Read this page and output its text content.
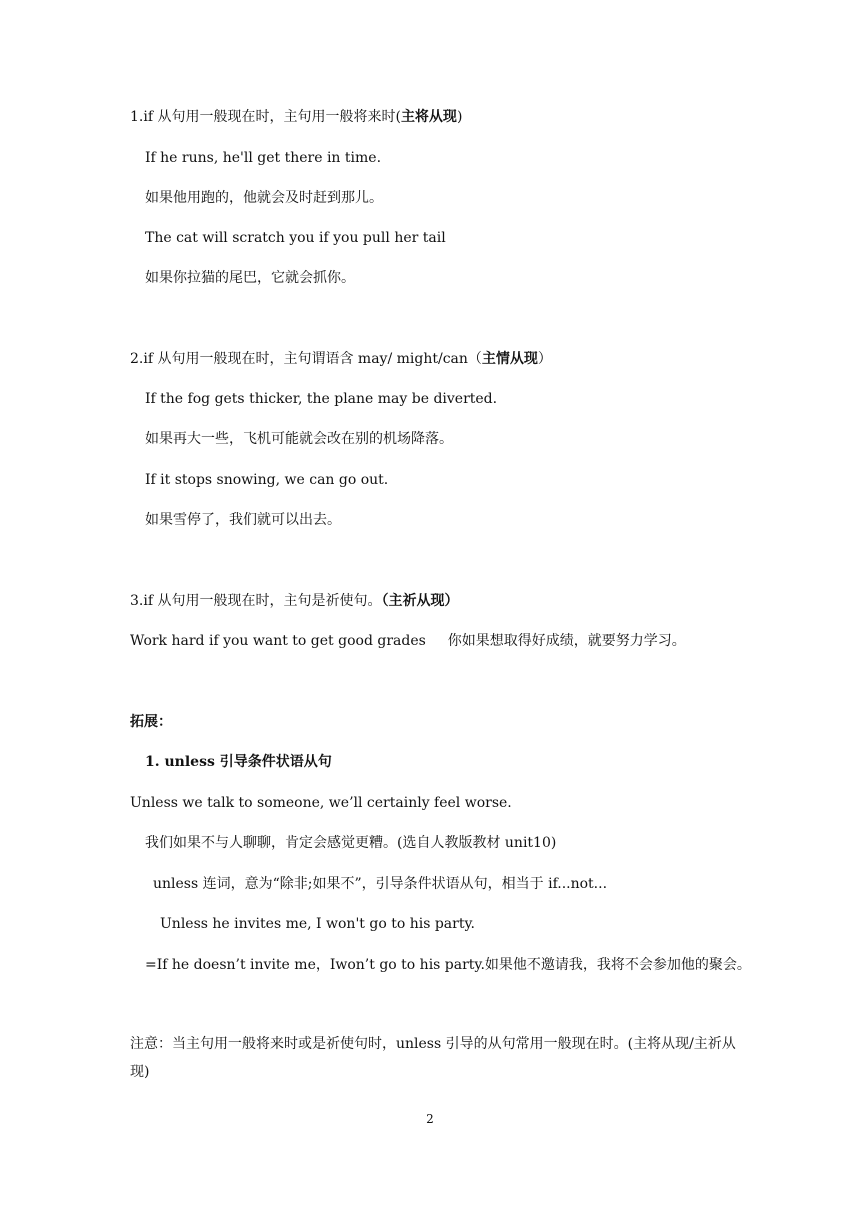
1.if 从句用一般现在时，主句用一般将来时(主将从现)
If he runs, he'll get there in time.
如果他用跑的，他就会及时赶到那儿。
The cat will scratch you if you pull her tail
如果你拉猫的尾巴，它就会抓你。
2.if 从句用一般现在时，主句谓语含 may/ might/can（主情从现）
If the fog gets thicker, the plane may be diverted.
如果再大一些，飞机可能就会改在别的机场降落。
If it stops snowing, we can go out.
如果雪停了，我们就可以出去。
3.if 从句用一般现在时，主句是祈使句。（主祈从现）
Work hard if you want to get good grades 你如果想取得好成绩，就要努力学习。
拓展：
1. unless 引导条件状语从句
Unless we talk to someone, we’ll certainly feel worse.
我们如果不与人聊聊，肯定会感觉更糟。(选自人教版教材 unit10)
unless 连词，意为“除非;如果不”，引导条件状语从句，相当于 if...not...
Unless he invites me, I won't go to his party.
=If he doesn’t invite me，Iwon’t go to his party.如果他不邀请我，我将不会参加他的聚会。
注意：当主句用一般将来时或是祈使句时，unless 引导的从句常用一般现在时。(主将从现/主祈从现)
2
